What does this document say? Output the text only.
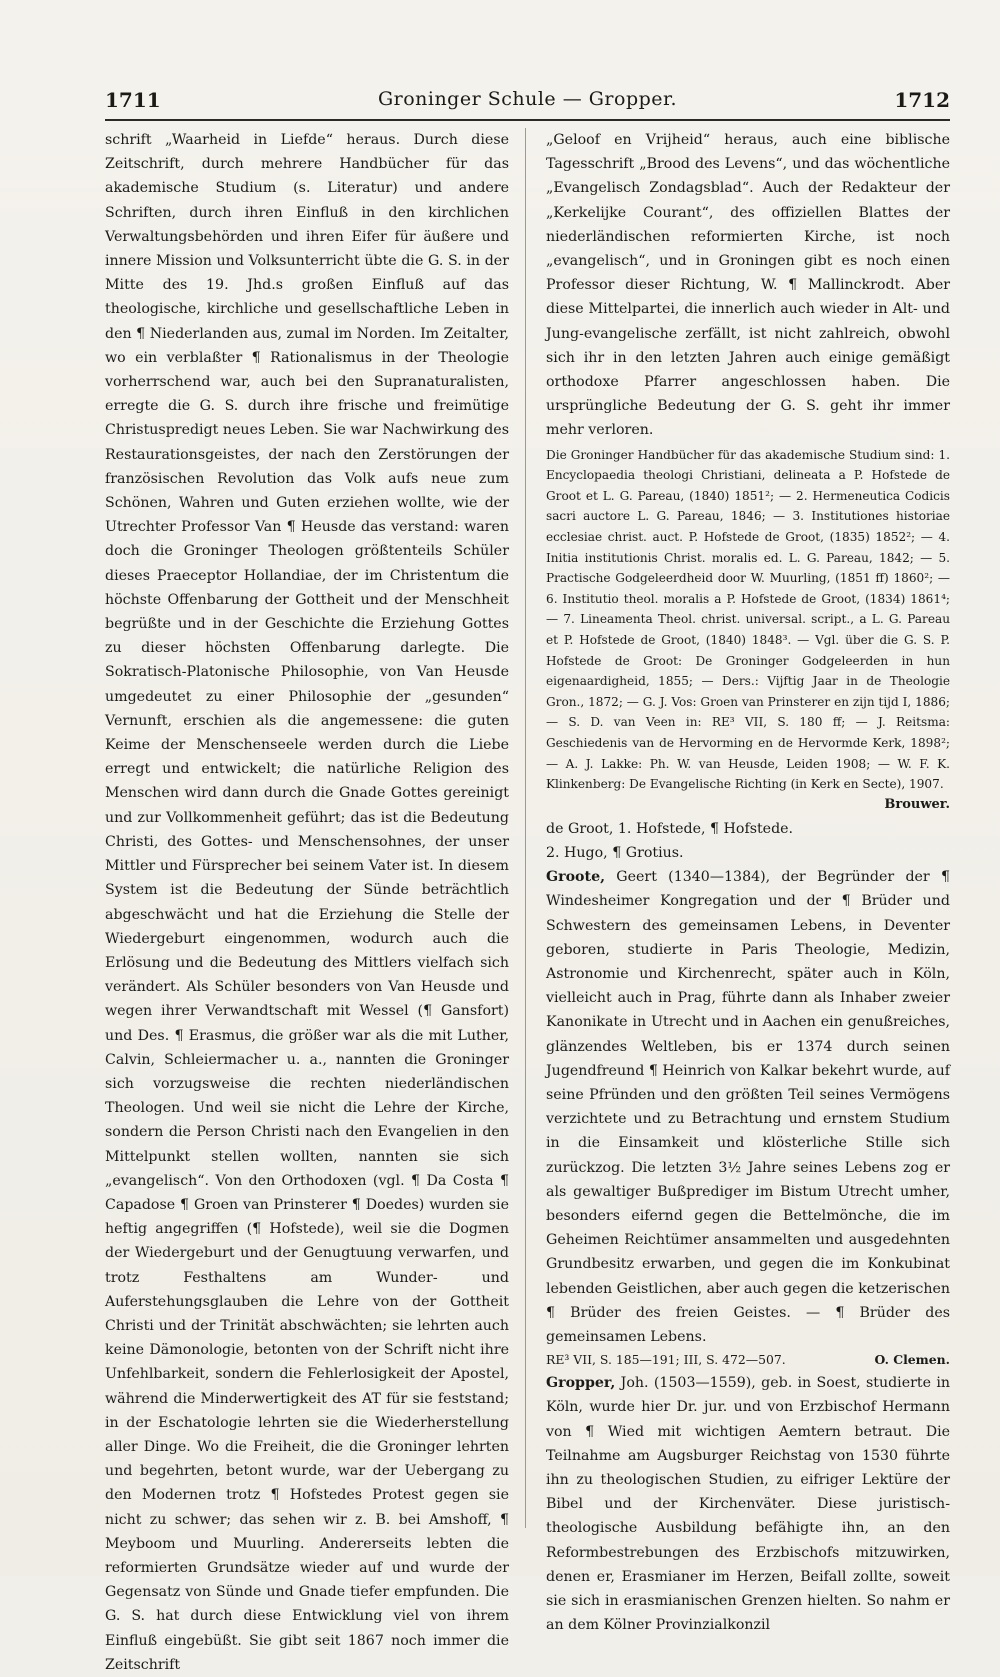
1711	Groninger Schule — Gropper.	1712

schrift „Waarheid in Liefde“ heraus. Durch diese Zeitschrift, durch mehrere Handbücher für das akademische Studium (s. Literatur) und andere Schriften, durch ihren Einfluß in den kirchlichen Verwaltungsbehörden und ihren Eifer für äußere und innere Mission und Volksunterricht übte die G. S. in der Mitte des 19. Jhd.s großen Einfluß auf das theologische, kirchliche und gesellschaftliche Leben in den ¶ Niederlanden aus, zumal im Norden. Im Zeitalter, wo ein verblaßter ¶ Rationalismus in der Theologie vorherrschend war, auch bei den Supranaturalisten, erregte die G. S. durch ihre frische und freimütige Christuspredigt neues Leben. Sie war Nachwirkung des Restaurationsgeistes, der nach den Zerstörungen der französischen Revolution das Volk aufs neue zum Schönen, Wahren und Guten erziehen wollte, wie der Utrechter Professor Van ¶ Heusde das verstand: waren doch die Groninger Theologen größtenteils Schüler dieses Praeceptor Hollandiae, der im Christentum die höchste Offenbarung der Gottheit und der Menschheit begrüßte und in der Geschichte die Erziehung Gottes zu dieser höchsten Offenbarung darlegte. Die Sokratisch-Platonische Philosophie, von Van Heusde umgedeutet zu einer Philosophie der „gesunden“ Vernunft, erschien als die angemessene: die guten Keime der Menschenseele werden durch die Liebe erregt und entwickelt; die natürliche Religion des Menschen wird dann durch die Gnade Gottes gereinigt und zur Vollkommenheit geführt; das ist die Bedeutung Christi, des Gottes- und Menschensohnes, der unser Mittler und Fürsprecher bei seinem Vater ist. In diesem System ist die Bedeutung der Sünde beträchtlich abgeschwächt und hat die Erziehung die Stelle der Wiedergeburt eingenommen, wodurch auch die Erlösung und die Bedeutung des Mittlers vielfach sich verändert. Als Schüler besonders von Van Heusde und wegen ihrer Verwandtschaft mit Wessel (¶ Gansfort) und Des. ¶ Erasmus, die größer war als die mit Luther, Calvin, Schleiermacher u. a., nannten die Groninger sich vorzugsweise die rechten niederländischen Theologen. Und weil sie nicht die Lehre der Kirche, sondern die Person Christi nach den Evangelien in den Mittelpunkt stellen wollten, nannten sie sich „evangelisch“. Von den Orthodoxen (vgl. ¶ Da Costa ¶ Capadose ¶ Groen van Prinsterer ¶ Doedes) wurden sie heftig angegriffen (¶ Hofstede), weil sie die Dogmen der Wiedergeburt und der Genugtuung verwarfen, und trotz Festhaltens am Wunder- und Auferstehungsglauben die Lehre von der Gottheit Christi und der Trinität abschwächten; sie lehrten auch keine Dämonologie, betonten von der Schrift nicht ihre Unfehlbarkeit, sondern die Fehlerlosigkeit der Apostel, während die Minderwertigkeit des AT für sie feststand; in der Eschatologie lehrten sie die Wiederherstellung aller Dinge. Wo die Freiheit, die die Groninger lehrten und begehrten, betont wurde, war der Uebergang zu den Modernen trotz ¶ Hofstedes Protest gegen sie nicht zu schwer; das sehen wir z. B. bei Amshoff, ¶ Meyboom und Muurling. Andererseits lebten die reformierten Grundsätze wieder auf und wurde der Gegensatz von Sünde und Gnade tiefer empfunden. Die G. S. hat durch diese Entwicklung viel von ihrem Einfluß eingebüßt. Sie gibt seit 1867 noch immer die Zeitschrift

„Geloof en Vrijheid“ heraus, auch eine biblische Tagesschrift „Brood des Levens“, und das wöchentliche „Evangelisch Zondagsblad“. Auch der Redakteur der „Kerkelijke Courant“, des offiziellen Blattes der niederländischen reformierten Kirche, ist noch „evangelisch“, und in Groningen gibt es noch einen Professor dieser Richtung, W. ¶ Mallinckrodt. Aber diese Mittelpartei, die innerlich auch wieder in Alt- und Jung-evangelische zerfällt, ist nicht zahlreich, obwohl sich ihr in den letzten Jahren auch einige gemäßigt orthodoxe Pfarrer angeschlossen haben. Die ursprüngliche Bedeutung der G. S. geht ihr immer mehr verloren.

Die Groninger Handbücher für das akademische Studium sind: 1. Encyclopaedia theologi Christiani, delineata a P. Hofstede de Groot et L. G. Pareau, (1840) 1851²; — 2. Hermeneutica Codicis sacri auctore L. G. Pareau, 1846; — 3. Institutiones historiae ecclesiae christ. auct. P. Hofstede de Groot, (1835) 1852²; — 4. Initia institutionis Christ. moralis ed. L. G. Pareau, 1842; — 5. Practische Godgeleerdheid door W. Muurling, (1851 ff) 1860²; — 6. Institutio theol. moralis a P. Hofstede de Groot, (1834) 1861⁴; — 7. Lineamenta Theol. christ. universal. script., a L. G. Pareau et P. Hofstede de Groot, (1840) 1848³. — Vgl. über die G. S. P. Hofstede de Groot: De Groninger Godgeleerden in hun eigenaardigheid, 1855; — Ders.: Vijftig Jaar in de Theologie Gron., 1872; — G. J. Vos: Groen van Prinsterer en zijn tijd I, 1886; — S. D. van Veen in: RE³ VII, S. 180 ff; — J. Reitsma: Geschiedenis van de Hervorming en de Hervormde Kerk, 1898²; — A. J. Lakke: Ph. W. van Heusde, Leiden 1908; — W. F. K. Klinkenberg: De Evangelische Richting (in Kerk en Secte), 1907.

Brouwer.

de Groot, 1. Hofstede, ¶ Hofstede.

2. Hugo, ¶ Grotius.

Groote, Geert (1340—1384), der Begründer der ¶ Windesheimer Kongregation und der ¶ Brüder und Schwestern des gemeinsamen Lebens, in Deventer geboren, studierte in Paris Theologie, Medizin, Astronomie und Kirchenrecht, später auch in Köln, vielleicht auch in Prag, führte dann als Inhaber zweier Kanonikate in Utrecht und in Aachen ein genußreiches, glänzendes Weltleben, bis er 1374 durch seinen Jugendfreund ¶ Heinrich von Kalkar bekehrt wurde, auf seine Pfründen und den größten Teil seines Vermögens verzichtete und zu Betrachtung und ernstem Studium in die Einsamkeit und klösterliche Stille sich zurückzog. Die letzten 3½ Jahre seines Lebens zog er als gewaltiger Bußprediger im Bistum Utrecht umher, besonders eifernd gegen die Bettelmönche, die im Geheimen Reichtümer ansammelten und ausgedehnten Grundbesitz erwarben, und gegen die im Konkubinat lebenden Geistlichen, aber auch gegen die ketzerischen ¶ Brüder des freien Geistes. — ¶ Brüder des gemeinsamen Lebens.

RE³ VII, S. 185—191; III, S. 472—507.	O. Clemen.

Gropper, Joh. (1503—1559), geb. in Soest, studierte in Köln, wurde hier Dr. jur. und von Erzbischof Hermann von ¶ Wied mit wichtigen Aemtern betraut. Die Teilnahme am Augsburger Reichstag von 1530 führte ihn zu theologischen Studien, zu eifriger Lektüre der Bibel und der Kirchenväter. Diese juristisch-theologische Ausbildung befähigte ihn, an den Reformbestrebungen des Erzbischofs mitzuwirken, denen er, Erasmianer im Herzen, Beifall zollte, soweit sie sich in erasmianischen Grenzen hielten. So nahm er an dem Kölner Provinzialkonzil
